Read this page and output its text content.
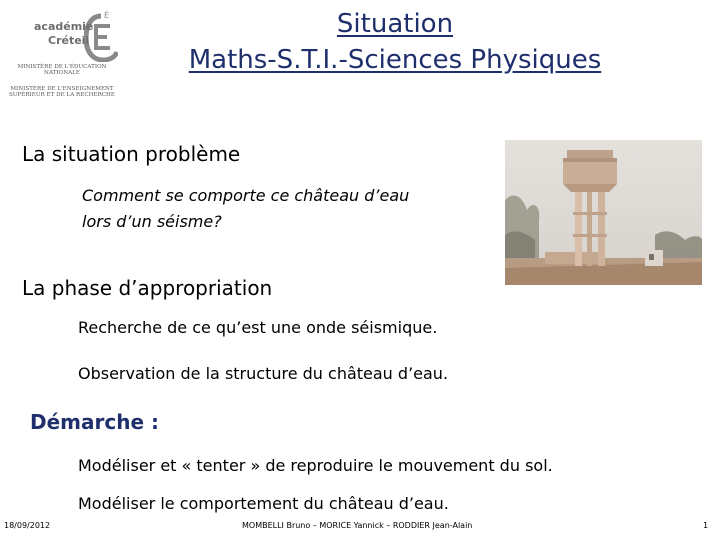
É
académie
Créteil
MINISTÈRE DE L'ÉDUCATION NATIONALE
MINISTÈRE DE L'ENSEIGNEMENT SUPÉRIEUR ET DE LA RECHERCHE
Situation
Maths-S.T.I.-Sciences Physiques
La situation problème
Comment se comporte ce château d’eau
lors d’un séisme?
La phase d’appropriation
Recherche de ce qu’est une onde séismique.
Observation de la structure du château d’eau.
Démarche :
Modéliser et « tenter » de reproduire le mouvement du sol.
Modéliser le comportement du château d’eau.
18/09/2012	MOMBELLI Bruno – MORICE Yannick – RODDIER Jean-Alain	1
